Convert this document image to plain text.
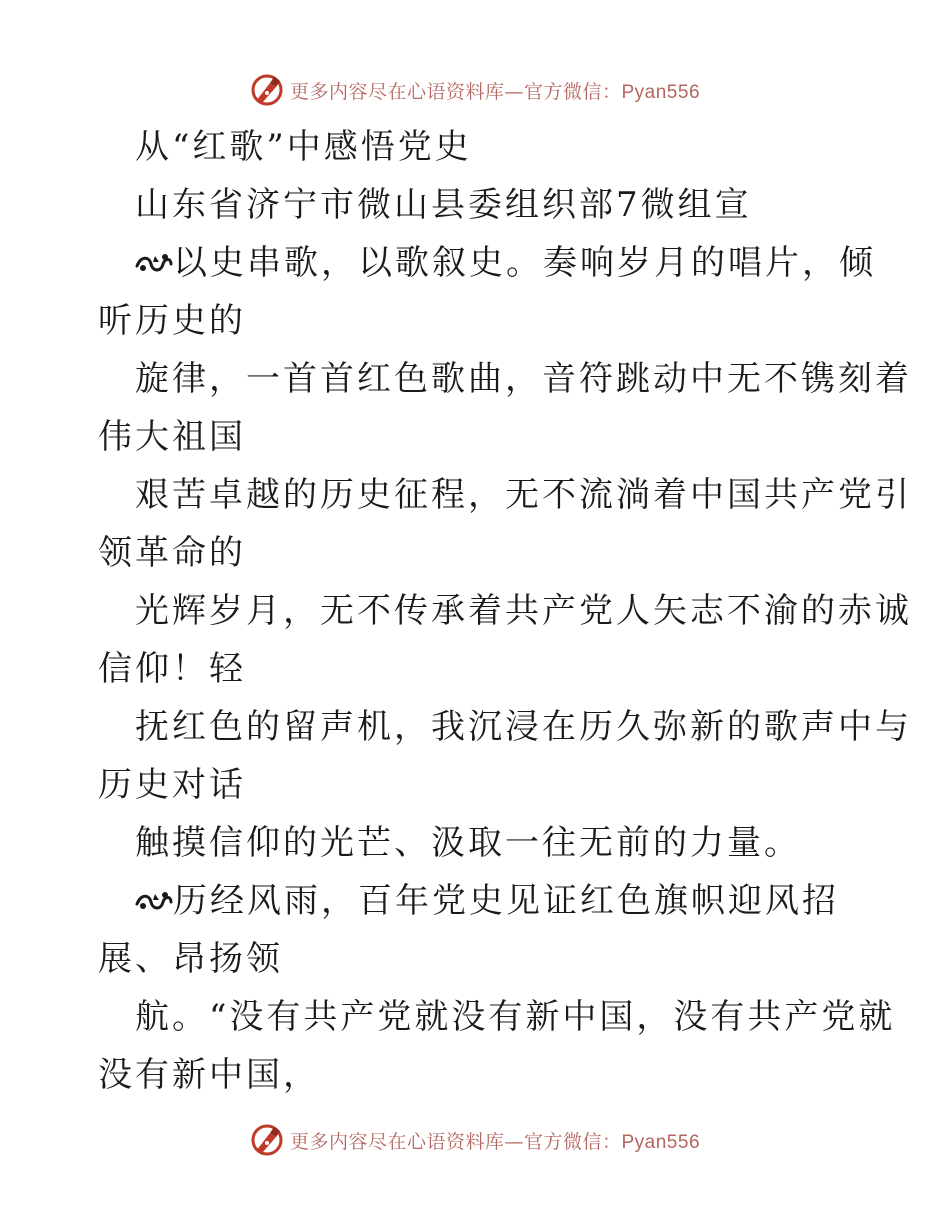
更多内容尽在心语资料库—官方微信：Pyan556
从“红歌”中感悟党史
山东省济宁市微山县委组织部7微组宣
以史串歌，以歌叙史。奏响岁月的唱片，倾
听历史的
旋律，一首首红色歌曲，音符跳动中无不镌刻着
伟大祖国
艰苦卓越的历史征程，无不流淌着中国共产党引
领革命的
光辉岁月，无不传承着共产党人矢志不渝的赤诚
信仰！轻
抚红色的留声机，我沉浸在历久弥新的歌声中与
历史对话
触摸信仰的光芒、汲取一往无前的力量。
历经风雨，百年党史见证红色旗帜迎风招
展、昂扬领
航。“没有共产党就没有新中国，没有共产党就
没有新中国，
更多内容尽在心语资料库—官方微信：Pyan556
